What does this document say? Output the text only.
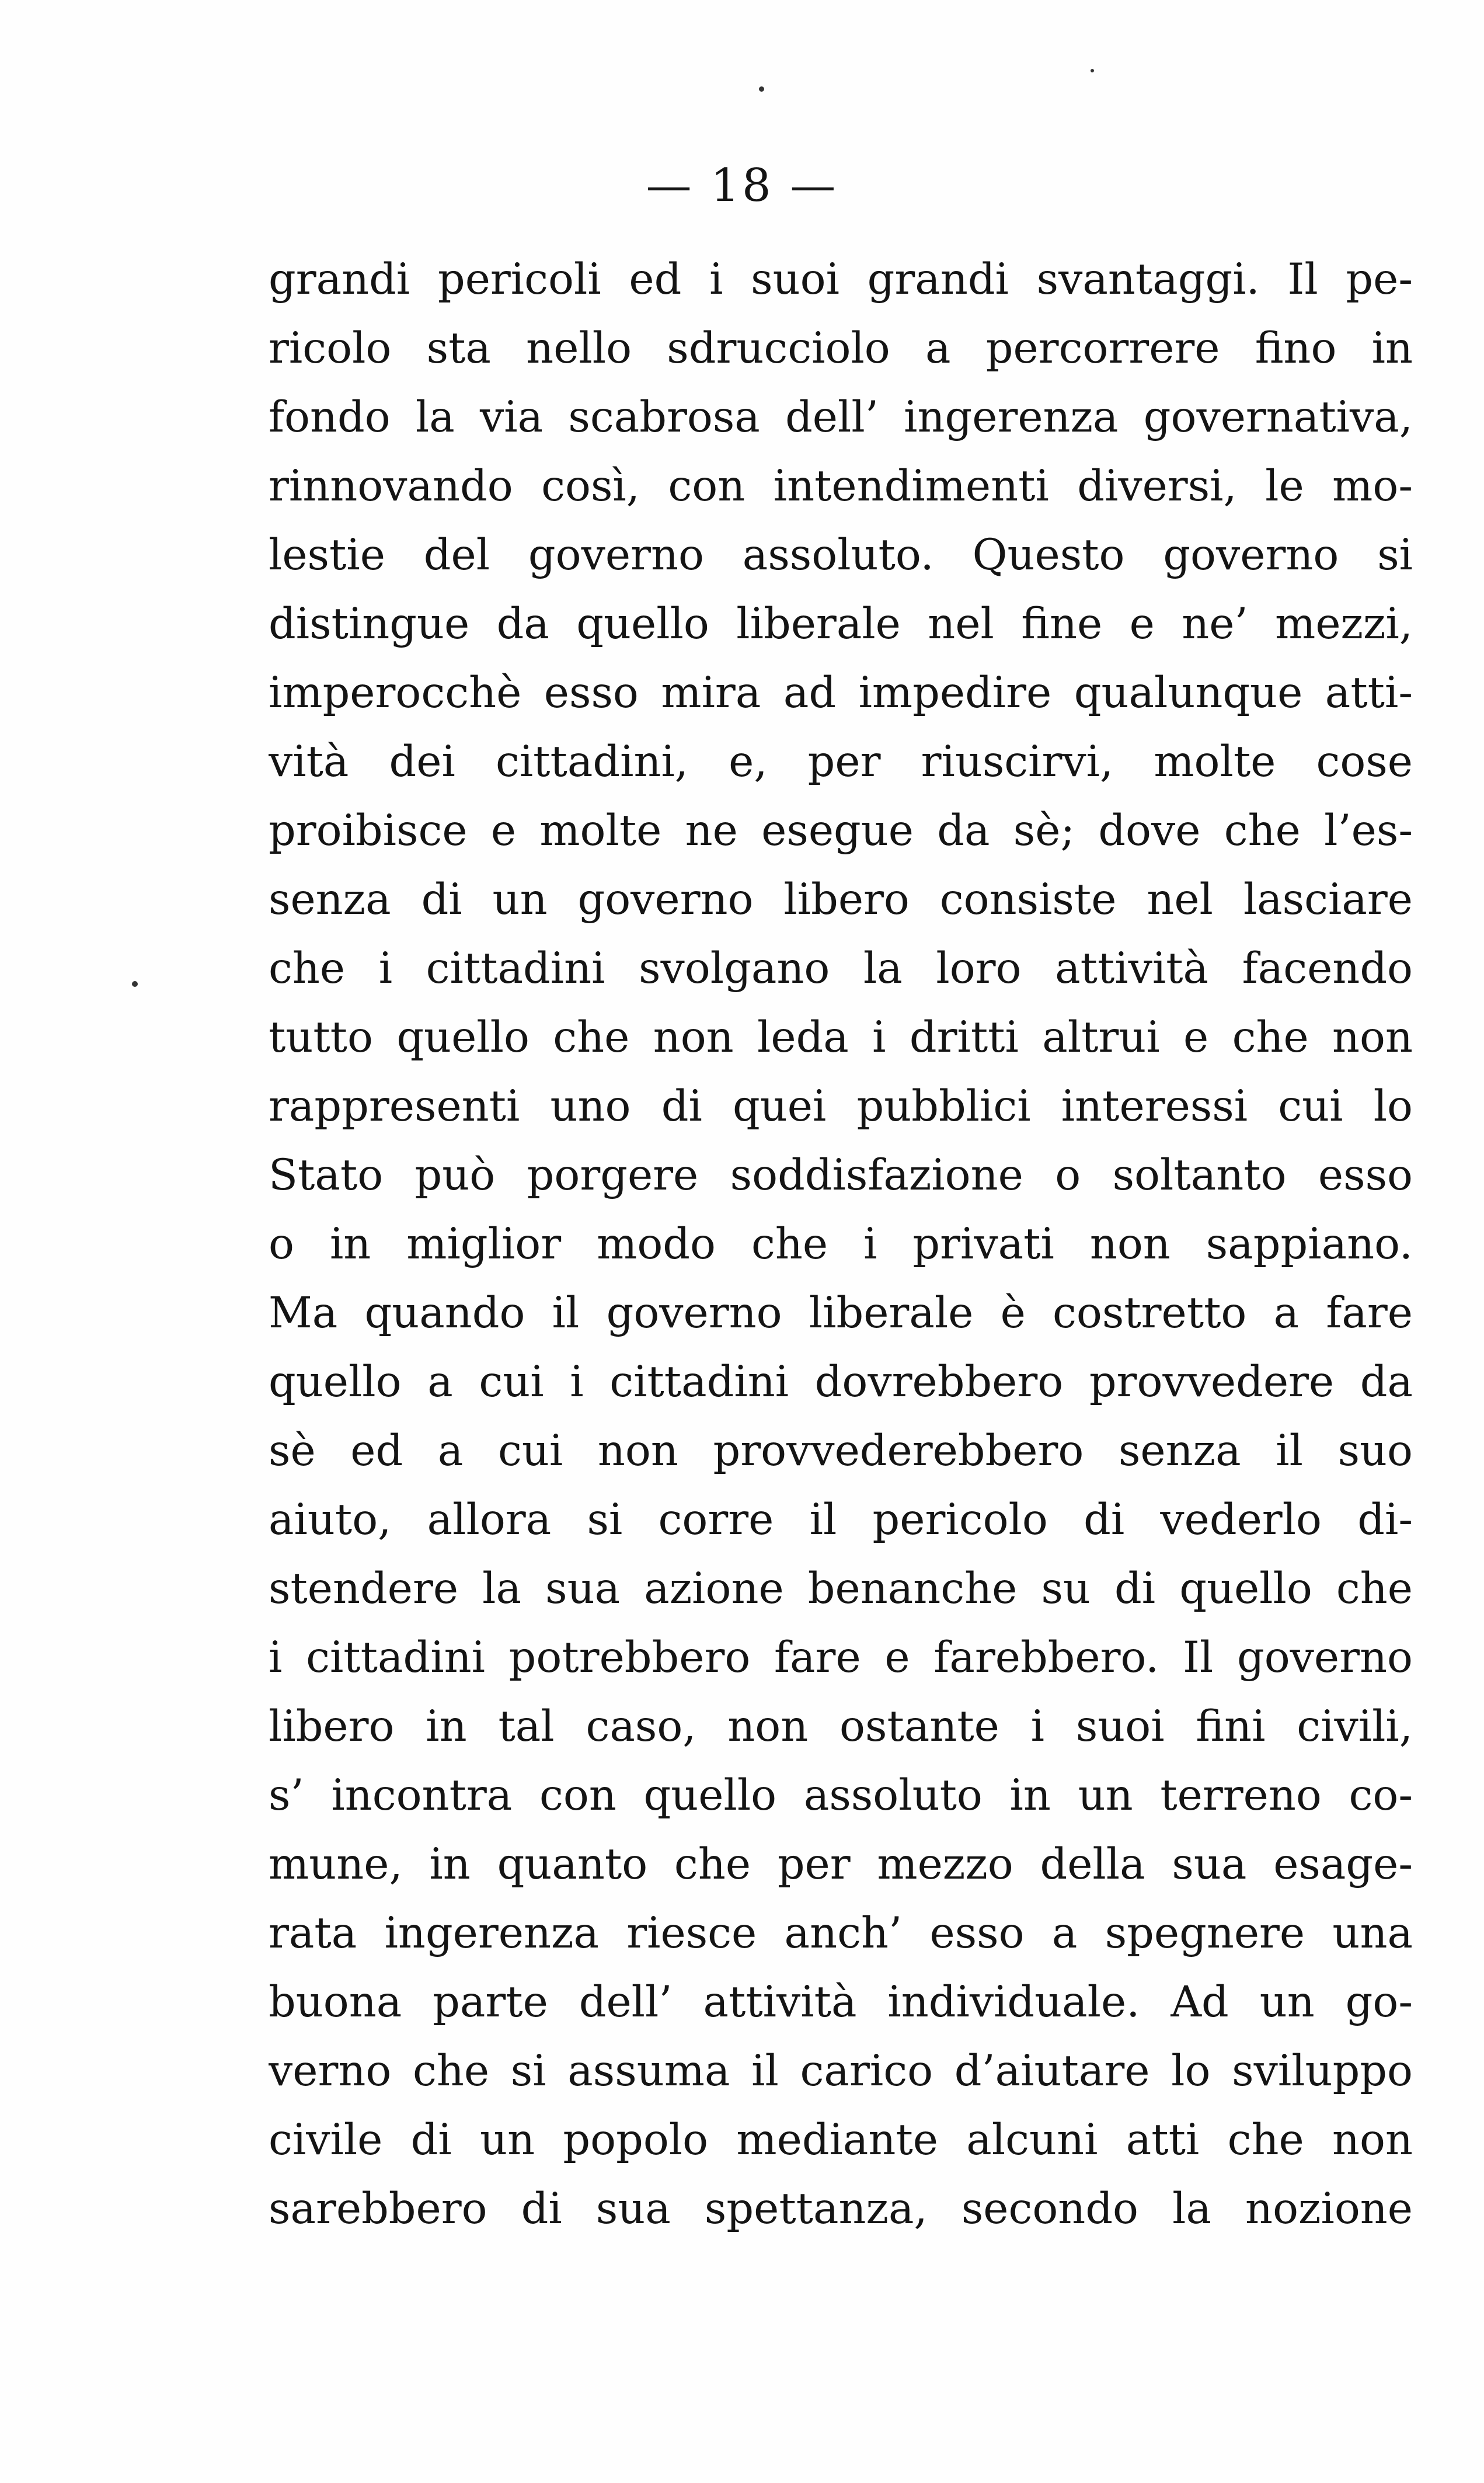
— 18 —
grandi pericoli ed i suoi grandi svantaggi. Il pe-
ricolo sta nello sdrucciolo a percorrere fino in
fondo la via scabrosa dell’ ingerenza governativa,
rinnovando così, con intendimenti diversi, le mo-
lestie del governo assoluto. Questo governo si
distingue da quello liberale nel fine e ne’ mezzi,
imperocchè esso mira ad impedire qualunque atti-
vità dei cittadini, e, per riuscirvi, molte cose
proibisce e molte ne esegue da sè; dove che l’es-
senza di un governo libero consiste nel lasciare
che i cittadini svolgano la loro attività facendo
tutto quello che non leda i dritti altrui e che non
rappresenti uno di quei pubblici interessi cui lo
Stato può porgere soddisfazione o soltanto esso
o in miglior modo che i privati non sappiano.
Ma quando il governo liberale è costretto a fare
quello a cui i cittadini dovrebbero provvedere da
sè ed a cui non provvederebbero senza il suo
aiuto, allora si corre il pericolo di vederlo di-
stendere la sua azione benanche su di quello che
i cittadini potrebbero fare e farebbero. Il governo
libero in tal caso, non ostante i suoi fini civili,
s’ incontra con quello assoluto in un terreno co-
mune, in quanto che per mezzo della sua esage-
rata ingerenza riesce anch’ esso a spegnere una
buona parte dell’ attività individuale. Ad un go-
verno che si assuma il carico d’aiutare lo sviluppo
civile di un popolo mediante alcuni atti che non
sarebbero di sua spettanza, secondo la nozione
